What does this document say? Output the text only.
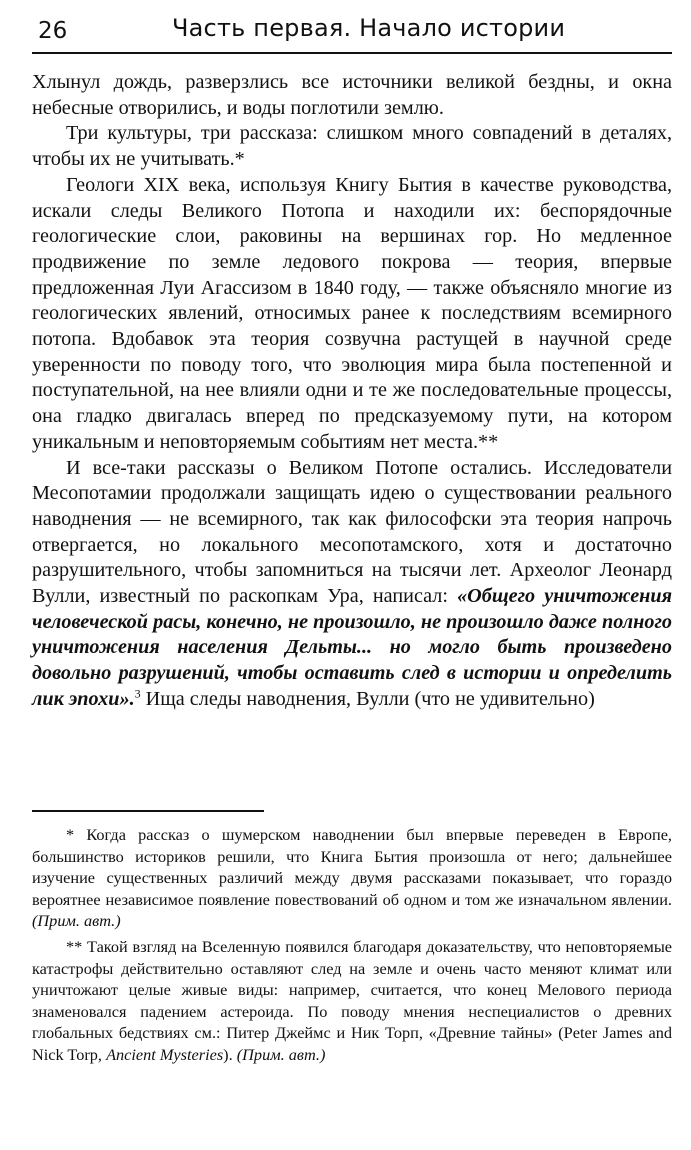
26	Часть первая. Начало истории

Хлынул дождь, разверзлись все источники великой бездны, и окна небесные отворились, и воды поглотили землю.

Три культуры, три рассказа: слишком много совпадений в деталях, чтобы их не учитывать.*

Геологи XIX века, используя Книгу Бытия в качестве руководства, искали следы Великого Потопа и находили их: беспорядочные геологические слои, раковины на вершинах гор. Но медленное продвижение по земле ледового покрова — теория, впервые предложенная Луи Агассизом в 1840 году, — также объясняло многие из геологических явлений, относимых ранее к последствиям всемирного потопа. Вдобавок эта теория созвучна растущей в научной среде уверенности по поводу того, что эволюция мира была постепенной и поступательной, на нее влияли одни и те же последовательные процессы, она гладко двигалась вперед по предсказуемому пути, на котором уникальным и неповторяемым событиям нет места.**

И все-таки рассказы о Великом Потопе остались. Исследователи Месопотамии продолжали защищать идею о существовании реального наводнения — не всемирного, так как философски эта теория напрочь отвергается, но локального месопотамского, хотя и достаточно разрушительного, чтобы запомниться на тысячи лет. Археолог Леонард Вулли, известный по раскопкам Ура, написал: «Общего уничтожения человеческой расы, конечно, не произошло, не произошло даже полного уничтожения населения Дельты... но могло быть произведено довольно разрушений, чтобы оставить след в истории и определить лик эпохи».$^3$ Ища следы наводнения, Вулли (что не удивительно)

* Когда рассказ о шумерском наводнении был впервые переведен в Европе, большинство историков решили, что Книга Бытия произошла от него; дальнейшее изучение существенных различий между двумя рассказами показывает, что гораздо вероятнее независимое появление повествований об одном и том же изначальном явлении. (Прим. авт.)

** Такой взгляд на Вселенную появился благодаря доказательству, что неповторяемые катастрофы действительно оставляют след на земле и очень часто меняют климат или уничтожают целые живые виды: например, считается, что конец Мелового периода знаменовался падением астероида. По поводу мнения неспециалистов о древних глобальных бедствиях см.: Питер Джеймс и Ник Торп, «Древние тайны» (Peter James and Nick Torp, Ancient Mysteries). (Прим. авт.)
